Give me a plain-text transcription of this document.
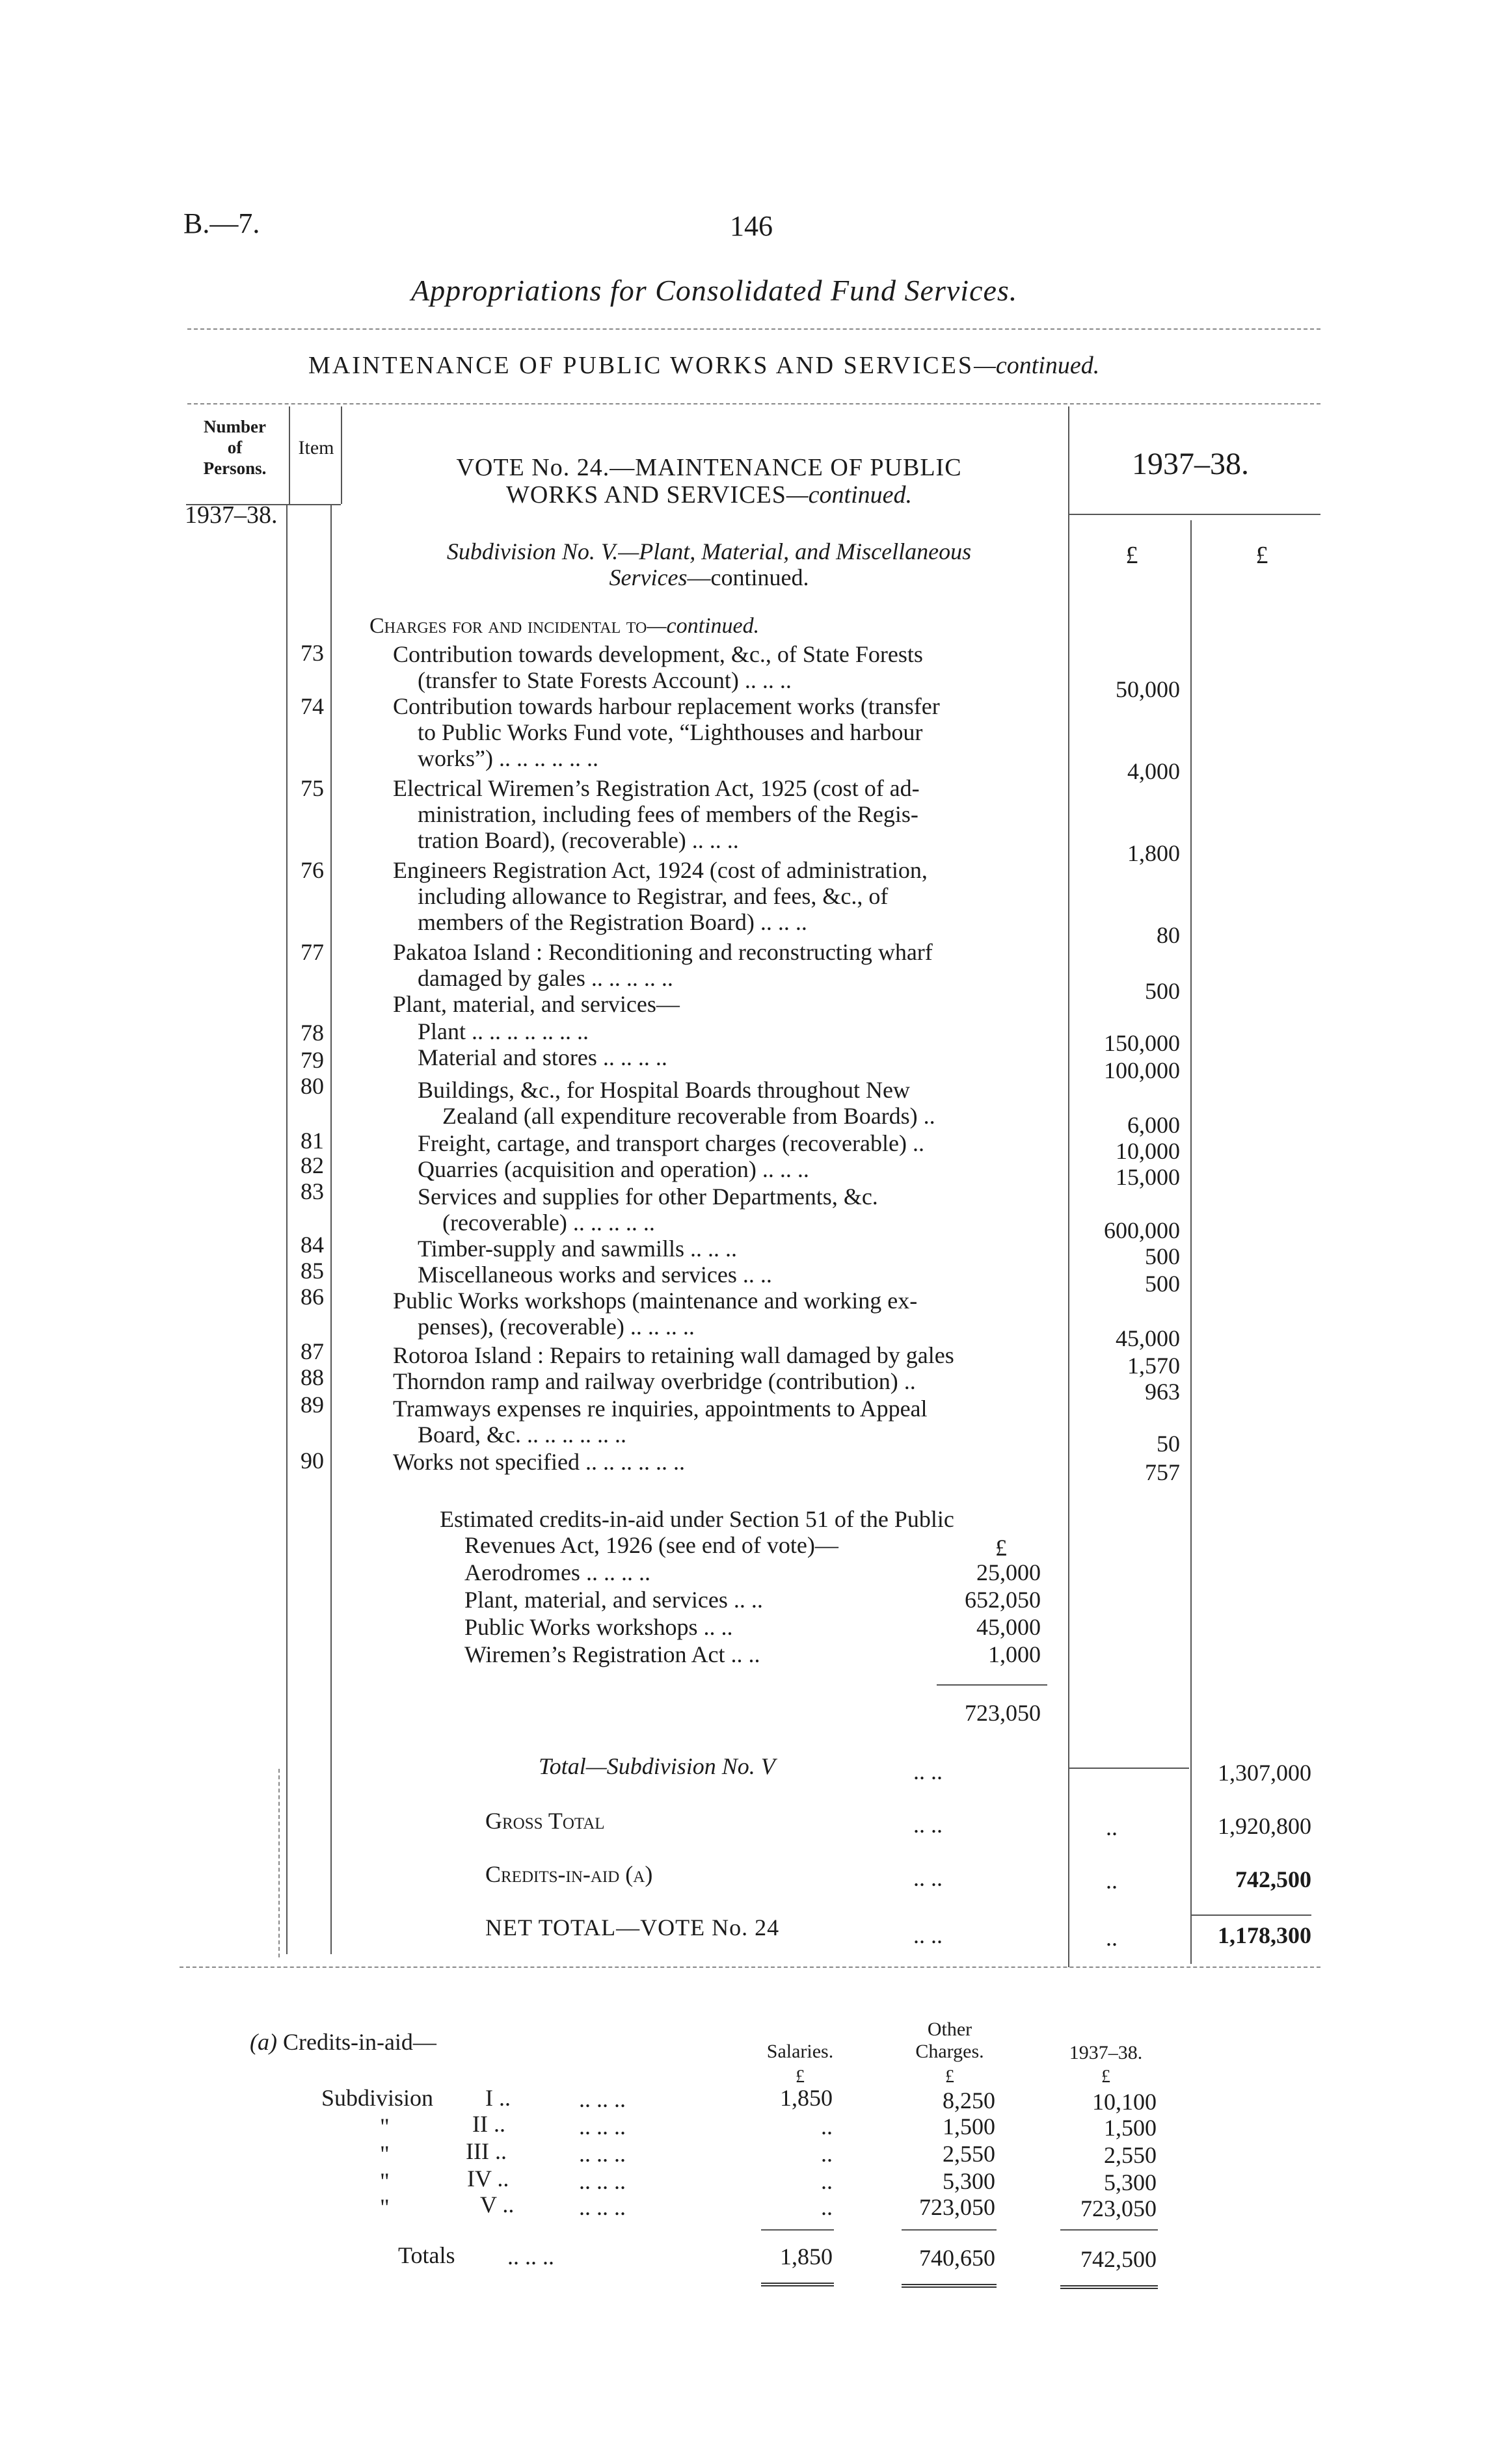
B.—7.	146
Appropriations for Consolidated Fund Services.
MAINTENANCE OF PUBLIC WORKS AND SERVICES—continued.
Number
of
Persons.
Item
1937–38.
1937–38.
£	£
VOTE No. 24.—MAINTENANCE OF PUBLIC
WORKS AND SERVICES—continued.
Subdivision No. V.—Plant, Material, and Miscellaneous
Services—continued.
Charges for and incidental to—continued.
73	Contribution towards development, &c., of State Forests
(transfer to State Forests Account) .. .. ..	50,000
74	Contribution towards harbour replacement works (transfer
to Public Works Fund vote, “Lighthouses and harbour
works”) .. .. .. .. .. ..	4,000
75	Electrical Wiremen’s Registration Act, 1925 (cost of ad-
ministration, including fees of members of the Regis-
tration Board), (recoverable) .. .. ..	1,800
76	Engineers Registration Act, 1924 (cost of administration,
including allowance to Registrar, and fees, &c., of
members of the Registration Board) .. .. ..	80
77	Pakatoa Island : Reconditioning and reconstructing wharf
damaged by gales .. .. .. .. ..	500
Plant, material, and services—
78	Plant .. .. .. .. .. .. ..	150,000
79	Material and stores .. .. .. ..	100,000
80	Buildings, &c., for Hospital Boards throughout New
Zealand (all expenditure recoverable from Boards) ..	6,000
81	Freight, cartage, and transport charges (recoverable) ..	10,000
82	Quarries (acquisition and operation) .. .. ..	15,000
83	Services and supplies for other Departments, &c.
(recoverable) .. .. .. .. ..	600,000
84	Timber-supply and sawmills .. .. ..	500
85	Miscellaneous works and services .. ..	500
86	Public Works workshops (maintenance and working ex-
penses), (recoverable) .. .. .. ..	45,000
87	Rotoroa Island : Repairs to retaining wall damaged by gales	1,570
88	Thorndon ramp and railway overbridge (contribution) ..	963
89	Tramways expenses re inquiries, appointments to Appeal
Board, &c. .. .. .. .. .. ..	50
90	Works not specified .. .. .. .. .. ..	757
Estimated credits-in-aid under Section 51 of the Public
Revenues Act, 1926 (see end of vote)—	£
Aerodromes .. .. .. ..	25,000
Plant, material, and services .. ..	652,050
Public Works workshops .. ..	45,000
Wiremen’s Registration Act .. ..	1,000
723,050
Total—Subdivision No. V	.. ..	1,307,000
Gross Total	.. ..	..	1,920,800
Credits-in-aid (a)	.. ..	..	742,500
NET TOTAL—VOTE No. 24	.. ..	..	1,178,300
(a) Credits-in-aid—	Salaries.
Other
Charges.	1937–38.
£	£	£
Subdivision I ..	.. .. ..	1,850	8,250	10,100
"	II ..	.. .. ..	..	1,500	1,500
"	III ..	.. .. ..	..	2,550	2,550
"	IV ..	.. .. ..	..	5,300	5,300
"	V ..	.. .. ..	..	723,050	723,050
Totals .. .. ..	1,850	740,650	742,500
